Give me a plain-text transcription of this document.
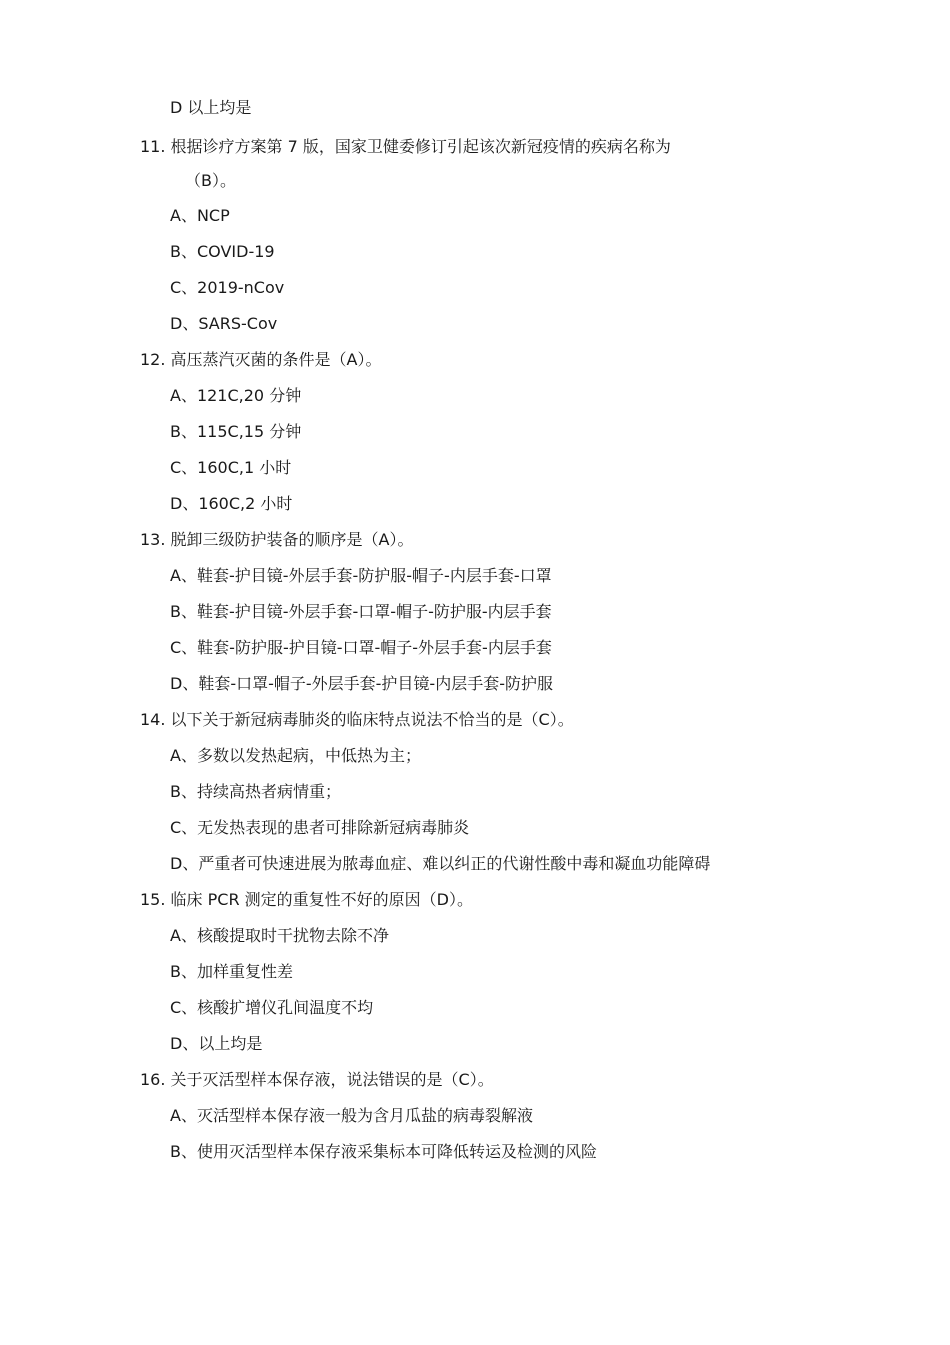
D 以上均是
11. 根据诊疗方案第 7 版，国家卫健委修订引起该次新冠疫情的疾病名称为
（B）。
A、NCP
B、COVID-19
C、2019-nCov
D、SARS-Cov
12. 高压蒸汽灭菌的条件是（A）。
A、121C,20 分钟
B、115C,15 分钟
C、160C,1 小时
D、160C,2 小时
13. 脱卸三级防护装备的顺序是（A）。
A、鞋套-护目镜-外层手套-防护服-帽子-内层手套-口罩
B、鞋套-护目镜-外层手套-口罩-帽子-防护服-内层手套
C、鞋套-防护服-护目镜-口罩-帽子-外层手套-内层手套
D、鞋套-口罩-帽子-外层手套-护目镜-内层手套-防护服
14. 以下关于新冠病毒肺炎的临床特点说法不恰当的是（C）。
A、多数以发热起病，中低热为主；
B、持续高热者病情重；
C、无发热表现的患者可排除新冠病毒肺炎
D、严重者可快速进展为脓毒血症、难以纠正的代谢性酸中毒和凝血功能障碍
15. 临床 PCR 测定的重复性不好的原因（D）。
A、核酸提取时干扰物去除不净
B、加样重复性差
C、核酸扩增仪孔间温度不均
D、以上均是
16. 关于灭活型样本保存液，说法错误的是（C）。
A、灭活型样本保存液一般为含月瓜盐的病毒裂解液
B、使用灭活型样本保存液采集标本可降低转运及检测的风险
